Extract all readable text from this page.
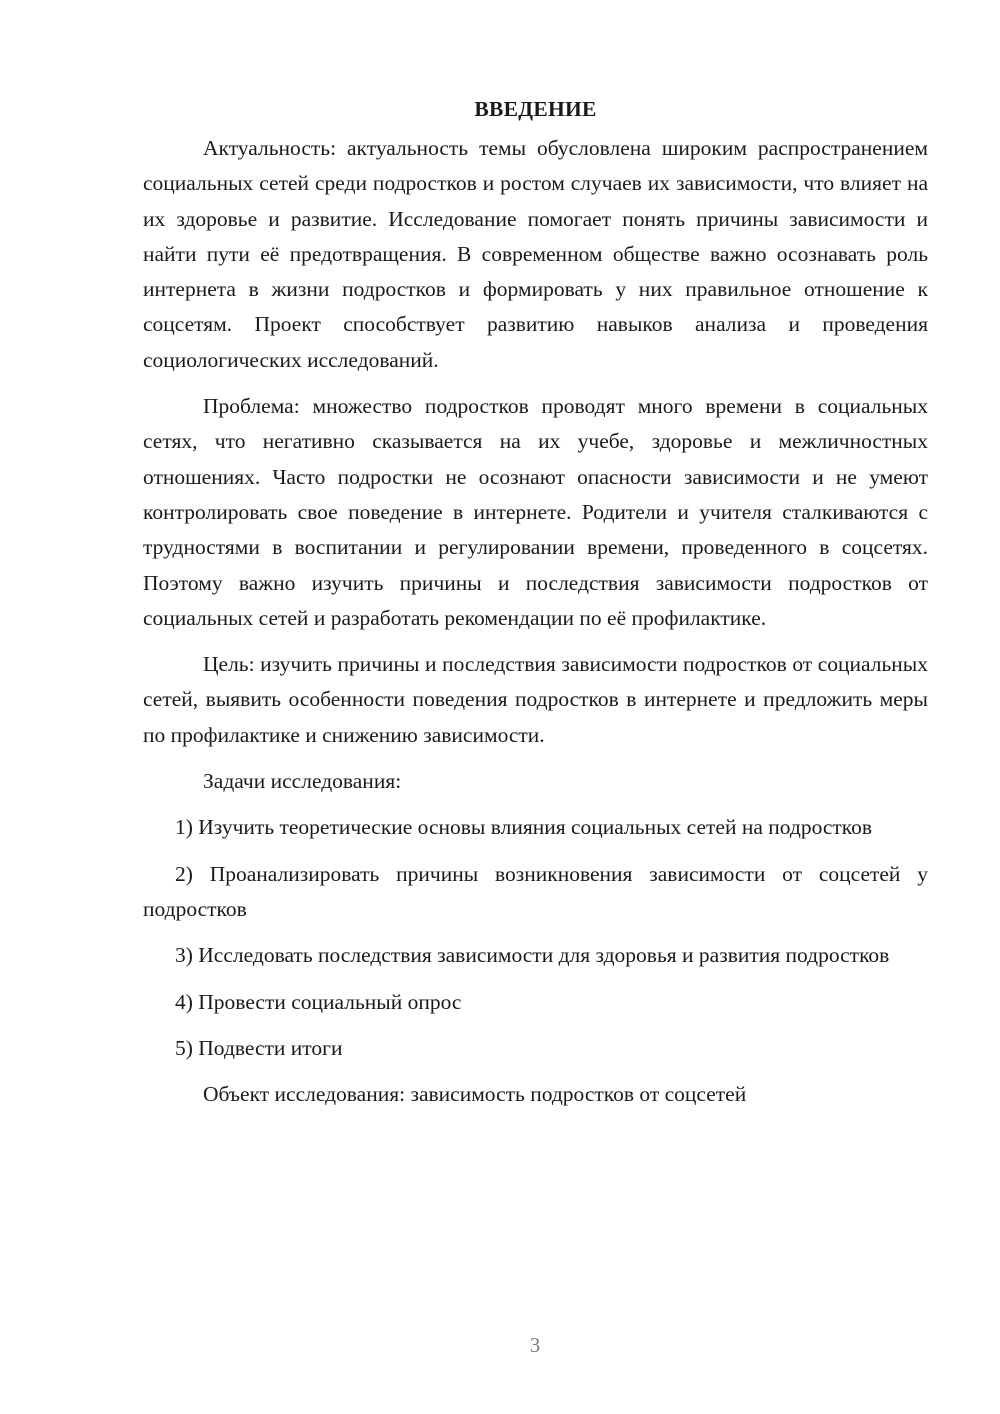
ВВЕДЕНИЕ

Актуальность: актуальность темы обусловлена широким распространением социальных сетей среди подростков и ростом случаев их зависимости, что влияет на их здоровье и развитие. Исследование помогает понять причины зависимости и найти пути её предотвращения. В современном обществе важно осознавать роль интернета в жизни подростков и формировать у них правильное отношение к соцсетям. Проект способствует развитию навыков анализа и проведения социологических исследований.

Проблема: множество подростков проводят много времени в социальных сетях, что негативно сказывается на их учебе, здоровье и межличностных отношениях. Часто подростки не осознают опасности зависимости и не умеют контролировать свое поведение в интернете. Родители и учителя сталкиваются с трудностями в воспитании и регулировании времени, проведенного в соцсетях. Поэтому важно изучить причины и последствия зависимости подростков от социальных сетей и разработать рекомендации по её профилактике.

Цель: изучить причины и последствия зависимости подростков от социальных сетей, выявить особенности поведения подростков в интернете и предложить меры по профилактике и снижению зависимости.

Задачи исследования:

1) Изучить теоретические основы влияния социальных сетей на подростков

2) Проанализировать причины возникновения зависимости от соцсетей у подростков

3) Исследовать последствия зависимости для здоровья и развития подростков

4) Провести социальный опрос

5) Подвести итоги

Объект исследования: зависимость подростков от соцсетей

3
